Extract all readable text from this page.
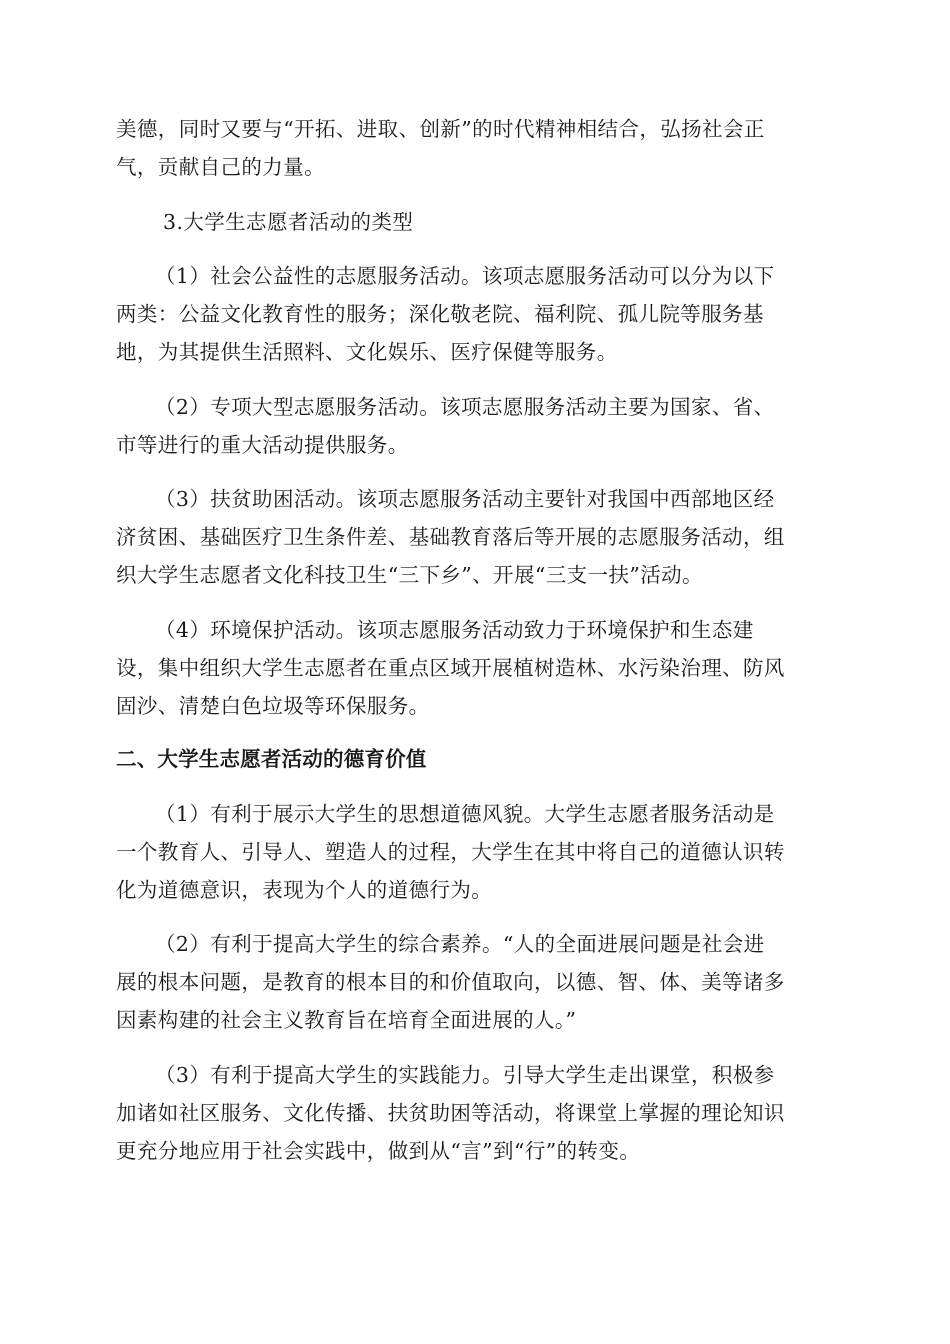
美德，同时又要与“开拓、进取、创新”的时代精神相结合，弘扬社会正

气，贡献自己的力量。

3.大学生志愿者活动的类型

（1）社会公益性的志愿服务活动。该项志愿服务活动可以分为以下

两类：公益文化教育性的服务；深化敬老院、福利院、孤儿院等服务基

地，为其提供生活照料、文化娱乐、医疗保健等服务。

（2）专项大型志愿服务活动。该项志愿服务活动主要为国家、省、

市等进行的重大活动提供服务。

（3）扶贫助困活动。该项志愿服务活动主要针对我国中西部地区经

济贫困、基础医疗卫生条件差、基础教育落后等开展的志愿服务活动，组

织大学生志愿者文化科技卫生“三下乡”、开展“三支一扶”活动。

（4）环境保护活动。该项志愿服务活动致力于环境保护和生态建

设，集中组织大学生志愿者在重点区域开展植树造林、水污染治理、防风

固沙、清楚白色垃圾等环保服务。

二、大学生志愿者活动的德育价值

（1）有利于展示大学生的思想道德风貌。大学生志愿者服务活动是

一个教育人、引导人、塑造人的过程，大学生在其中将自己的道德认识转

化为道德意识，表现为个人的道德行为。

（2）有利于提高大学生的综合素养。“人的全面进展问题是社会进

展的根本问题，是教育的根本目的和价值取向，以德、智、体、美等诸多

因素构建的社会主义教育旨在培育全面进展的人。”

（3）有利于提高大学生的实践能力。引导大学生走出课堂，积极参

加诸如社区服务、文化传播、扶贫助困等活动，将课堂上掌握的理论知识

更充分地应用于社会实践中，做到从“言”到“行”的转变。
